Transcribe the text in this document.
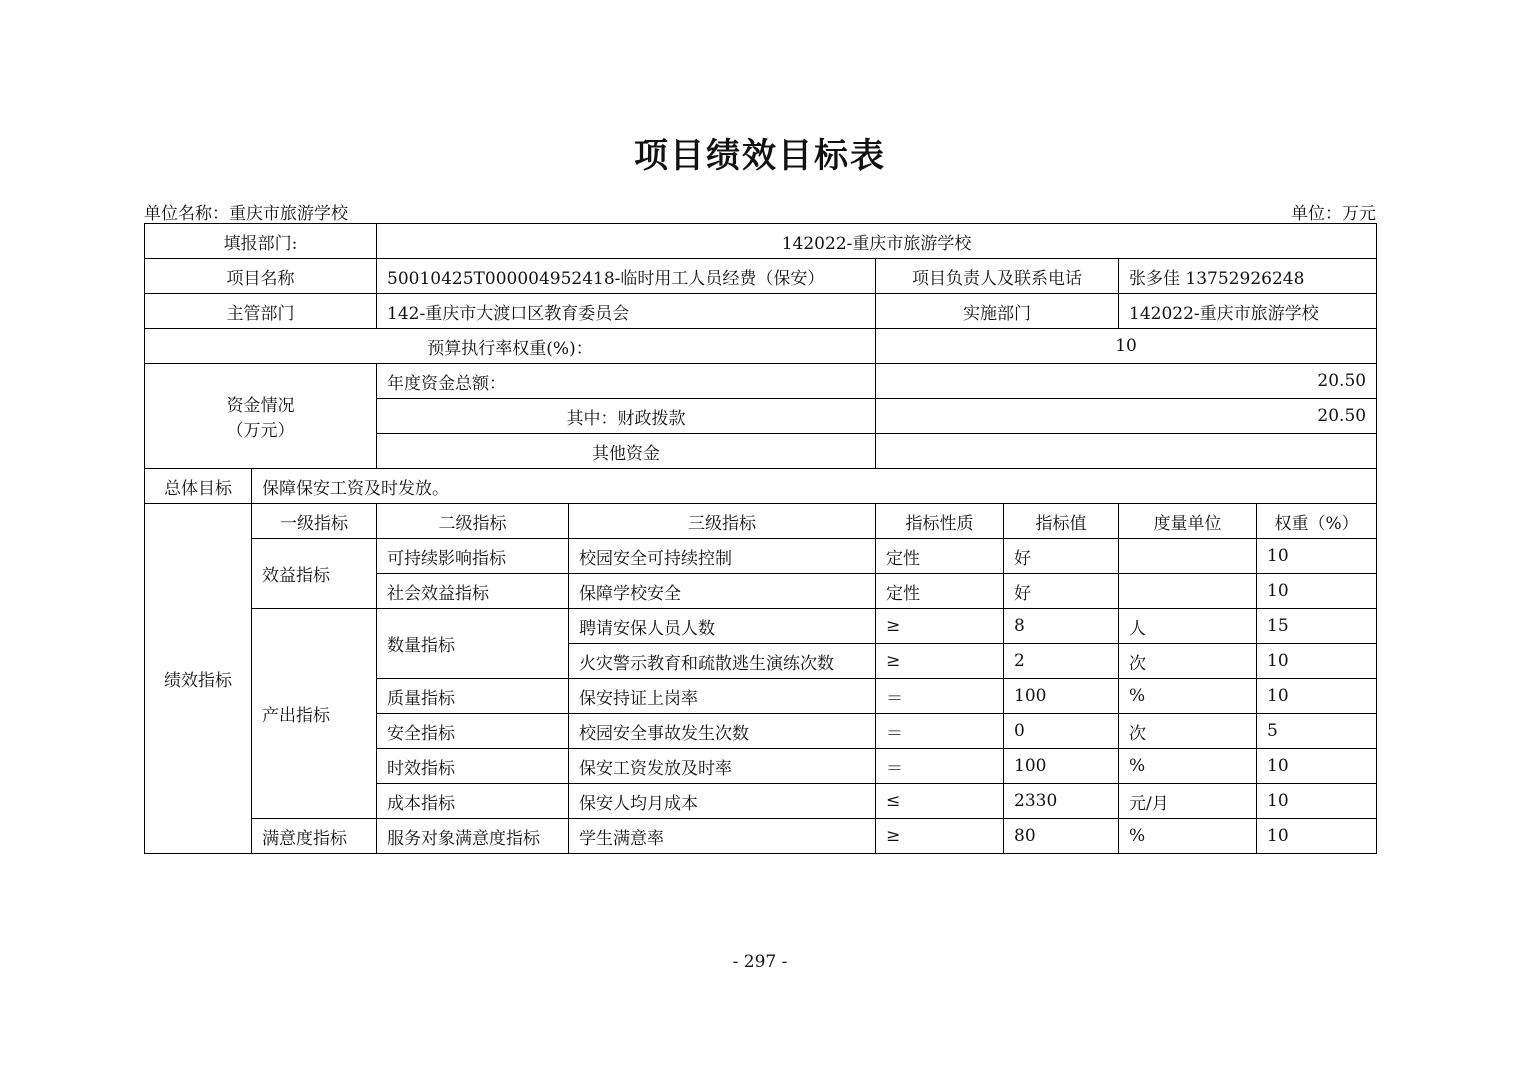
项目绩效目标表
单位名称：重庆市旅游学校	单位：万元
填报部门:		142022-重庆市旅游学校					
项目名称		50010425T000004952418-临时用工人员经费（保安）		项目负责人及联系电话		张多佳 13752926248	
主管部门		142-重庆市大渡口区教育委员会		实施部门		142022-重庆市旅游学校	
预算执行率权重(%)：				10			

资金情况
（万元）		年度资金总额：		20.50			
		其中：财政拨款		20.50			
		其他资金					
总体目标	保障保安工资及时发放。						
绩效指标	一级指标	二级指标	三级指标	指标性质	指标值	度量单位	权重（%）
	效益指标	可持续影响指标	校园安全可持续控制	定性	好		10
		社会效益指标	保障学校安全	定性	好		10
	产出指标	数量指标	聘请安保人员人数	≥	8	人	15
			火灾警示教育和疏散逃生演练次数	≥	2	次	10
		质量指标	保安持证上岗率	＝	100	%	10
		安全指标	校园安全事故发生次数	＝	0	次	5
		时效指标	保安工资发放及时率	＝	100	%	10
		成本指标	保安人均月成本	≤	2330	元/月	10
	满意度指标	服务对象满意度指标	学生满意率	≥	80	%	10
- 297 -
